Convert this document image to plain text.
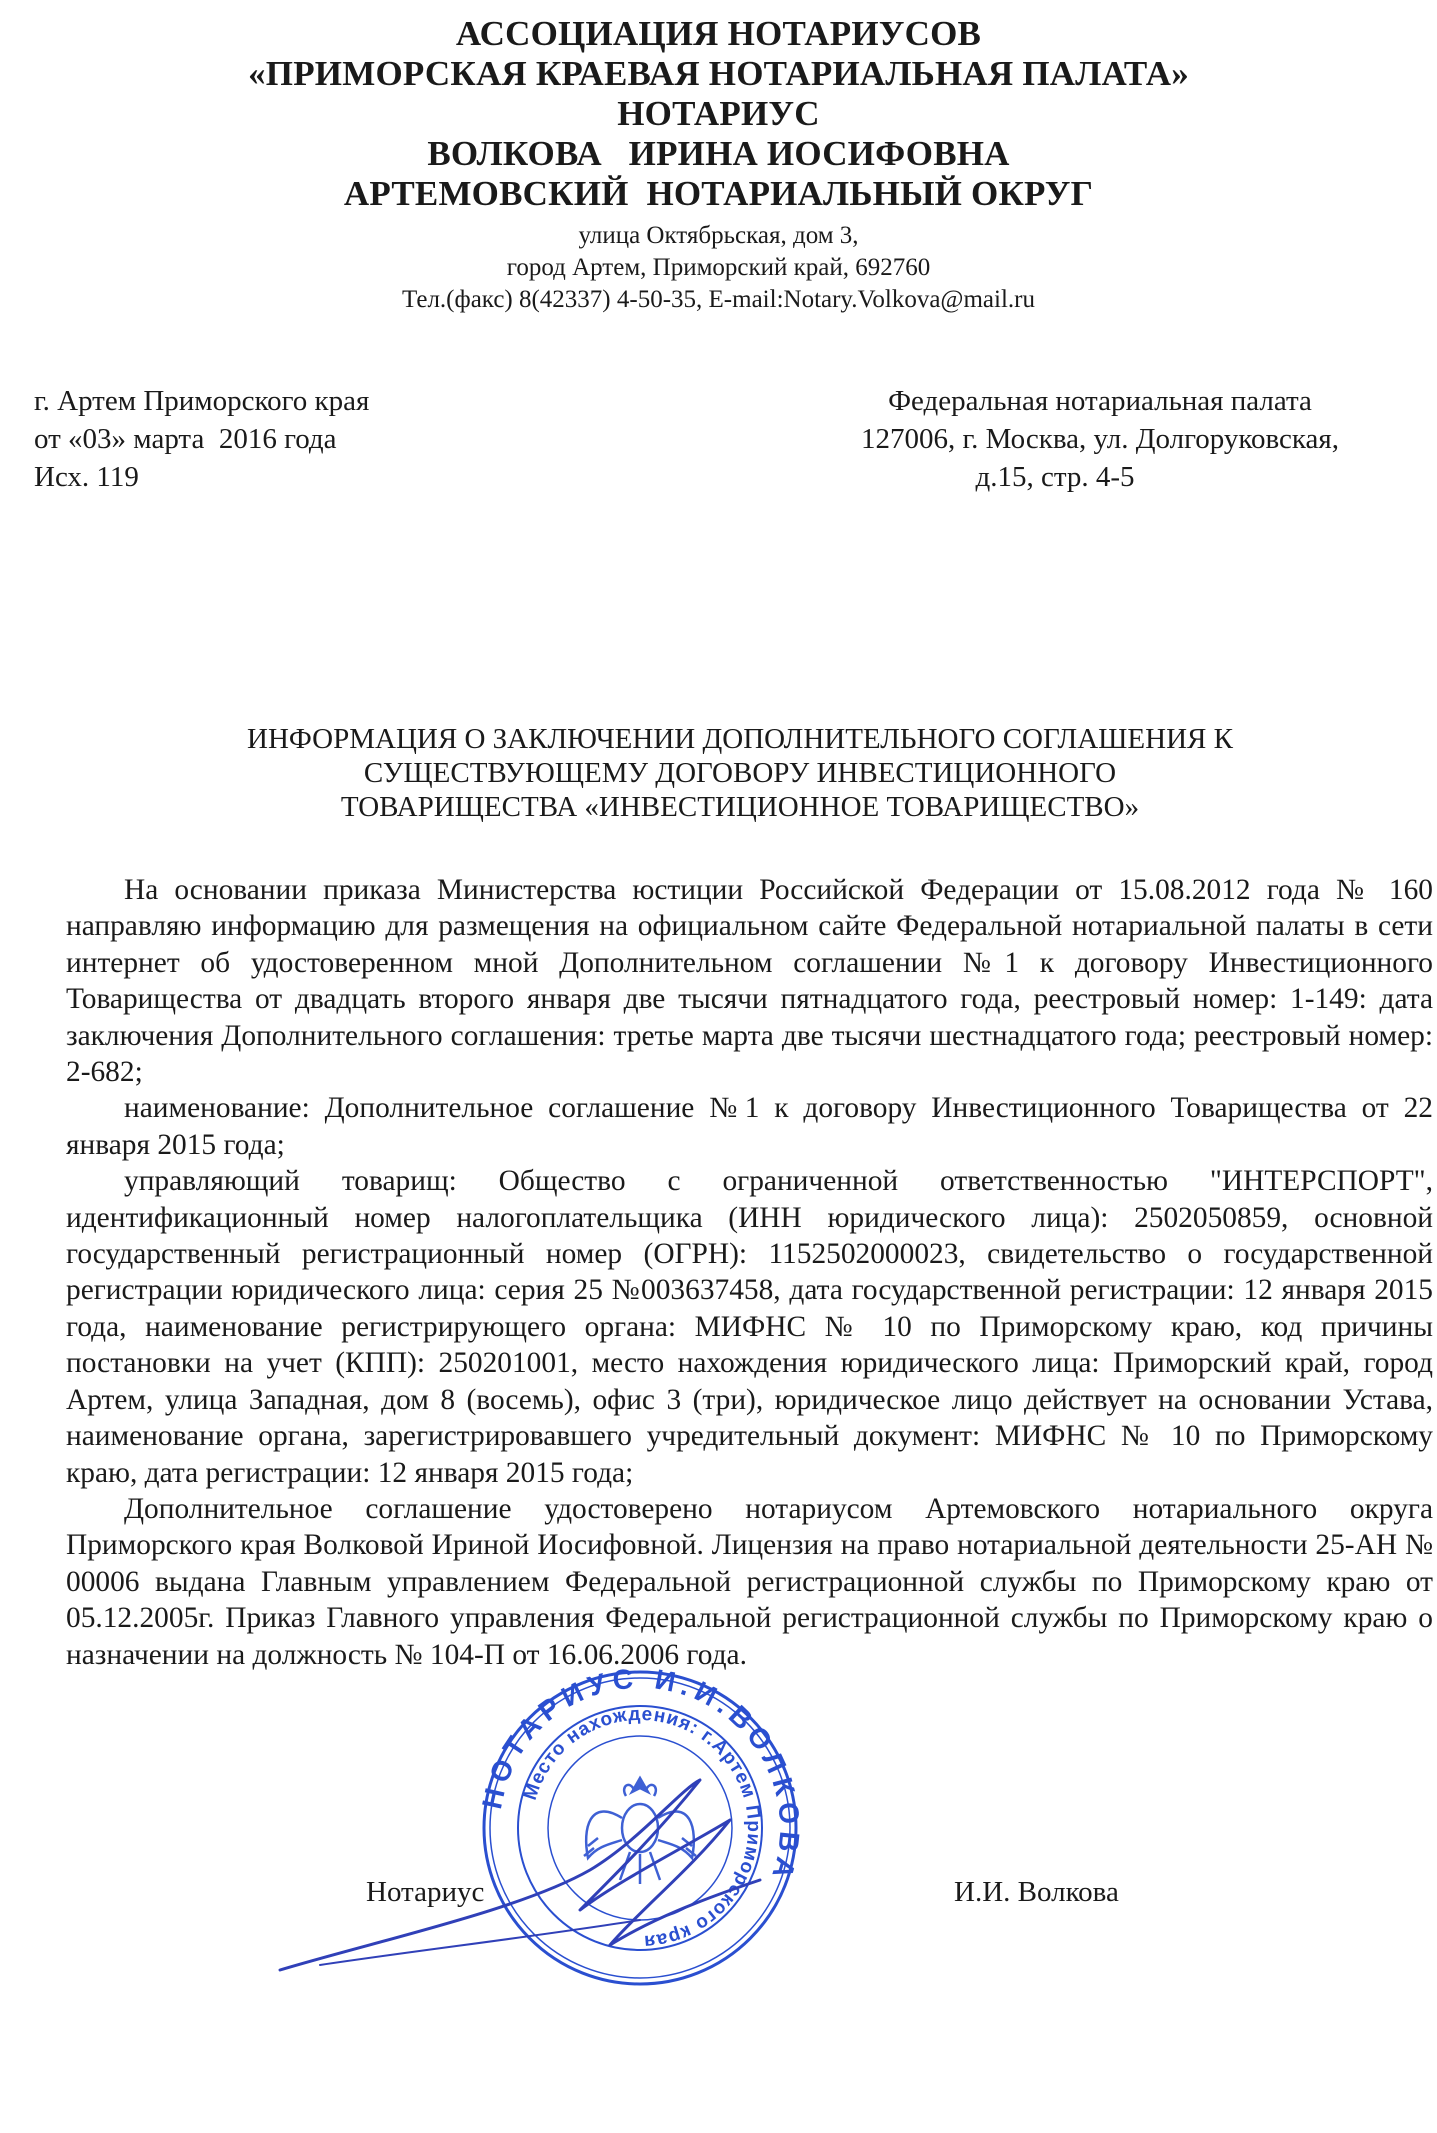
АССОЦИАЦИЯ НОТАРИУСОВ
«ПРИМОРСКАЯ КРАЕВАЯ НОТАРИАЛЬНАЯ ПАЛАТА»
НОТАРИУС
ВОЛКОВА   ИРИНА ИОСИФОВНА
АРТЕМОВСКИЙ  НОТАРИАЛЬНЫЙ ОКРУГ
улица Октябрьская, дом 3,
город Артем, Приморский край, 692760
Тел.(факс) 8(42337) 4-50-35, E-mail:Notary.Volkova@mail.ru
г. Артем Приморского края
от «03» марта  2016 года
Исх. 119
Федеральная нотариальная палата
127006, г. Москва, ул. Долгоруковская,
д.15, стр. 4-5
ИНФОРМАЦИЯ О ЗАКЛЮЧЕНИИ ДОПОЛНИТЕЛЬНОГО СОГЛАШЕНИЯ К
СУЩЕСТВУЮЩЕМУ ДОГОВОРУ ИНВЕСТИЦИОННОГО
ТОВАРИЩЕСТВА «ИНВЕСТИЦИОННОЕ ТОВАРИЩЕСТВО»

На основании приказа Министерства юстиции Российской Федерации от 15.08.2012 года № 160 направляю информацию для размещения на официальном сайте Федеральной нотариальной палаты в сети интернет об удостоверенном мной Дополнительном соглашении №1 к договору Инвестиционного Товарищества от двадцать второго января две тысячи пятнадцатого года, реестровый номер: 1-149: дата заключения Дополнительного соглашения: третье марта две тысячи шестнадцатого года; реестровый номер: 2-682;

наименование: Дополнительное соглашение №1 к договору Инвестиционного Товарищества от 22 января 2015 года;

управляющий товарищ: Общество с ограниченной ответственностью "ИНТЕРСПОРТ", идентификационный номер налогоплательщика (ИНН юридического лица): 2502050859, основной государственный регистрационный номер (ОГРН): 1152502000023, свидетельство о государственной регистрации юридического лица: серия 25 №003637458, дата государственной регистрации: 12 января 2015 года, наименование регистрирующего органа: МИФНС № 10 по Приморскому краю, код причины постановки на учет (КПП): 250201001, место нахождения юридического лица: Приморский край, город Артем, улица Западная, дом 8 (восемь), офис 3 (три), юридическое лицо действует на основании Устава, наименование органа, зарегистрировавшего учредительный документ: МИФНС № 10 по Приморскому краю, дата регистрации: 12 января 2015 года;

Дополнительное соглашение удостоверено нотариусом Артемовского нотариального округа Приморского края Волковой Ириной Иосифовной. Лицензия на право нотариальной деятельности 25-АН № 00006 выдана Главным управлением Федеральной регистрационной службы по Приморскому краю от 05.12.2005г. Приказ Главного управления Федеральной регистрационной службы по Приморскому краю о назначении на должность № 104-П от 16.06.2006 года.

НОТАРИУС И.И.ВОЛКОВА
Место нахождения: г.Артем Приморского края
Нотариус	И.И. Волкова
